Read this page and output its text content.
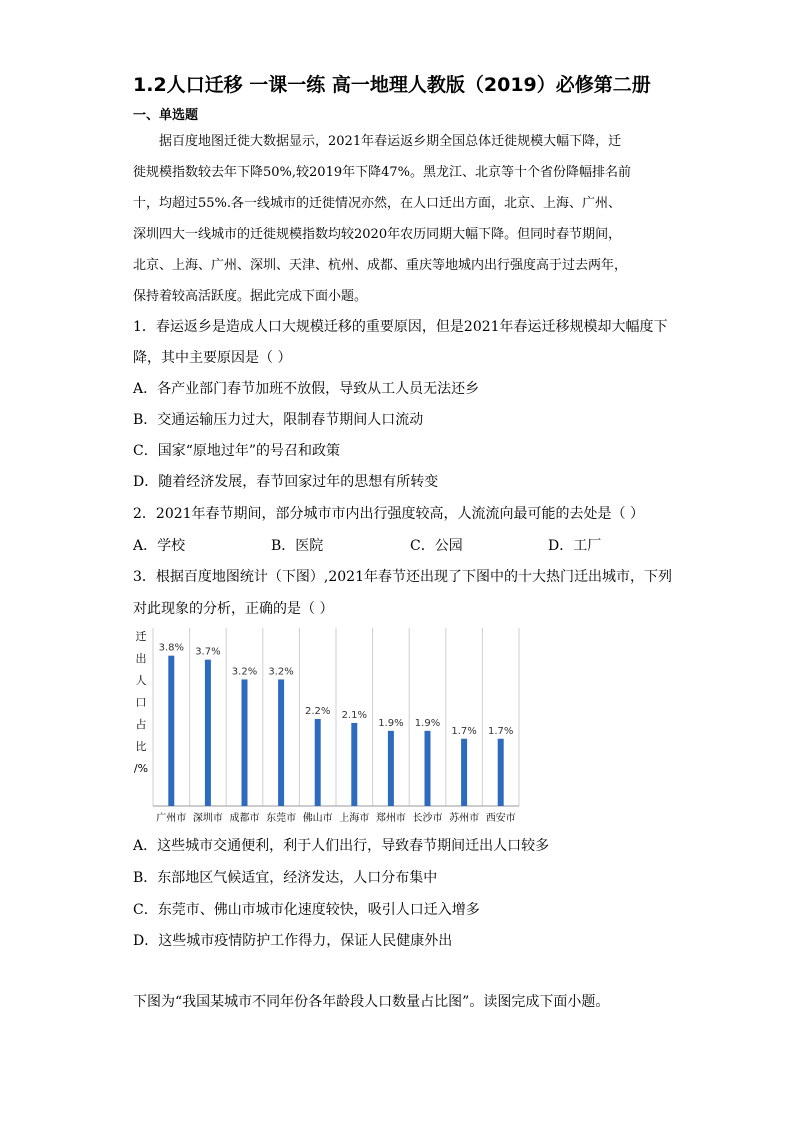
1.2人口迁移 一课一练 高一地理人教版（2019）必修第二册
一、单选题

据百度地图迁徙大数据显示，2021年春运返乡期全国总体迁徙规模大幅下降，迁

徙规模指数较去年下降50%,较2019年下降47%。黑龙江、北京等十个省份降幅排名前

十，均超过55%.各一线城市的迁徙情况亦然，在人口迁出方面，北京、上海、广州、

深圳四大一线城市的迁徙规模指数均较2020年农历同期大幅下降。但同时春节期间，

北京、上海、广州、深圳、天津、杭州、成都、重庆等地城内出行强度高于过去两年，

保持着较高活跃度。据此完成下面小题。

1．春运返乡是造成人口大规模迁移的重要原因，但是2021年春运迁移规模却大幅度下
降，其中主要原因是（ ）
A．各产业部门春节加班不放假，导致从工人员无法还乡
B．交通运输压力过大，限制春节期间人口流动
C．国家“原地过年”的号召和政策
D．随着经济发展，春节回家过年的思想有所转变
2．2021年春节期间，部分城市市内出行强度较高，人流流向最可能的去处是（ ）
A．学校	B．医院	C．公园	D．工厂
3．根据百度地图统计（下图）,2021年春节还出现了下图中的十大热门迁出城市，下列
对此现象的分析，正确的是（ ）
迁
出
人
口
占
比
/%
3.8% 3.7%
3.2% 3.2%
2.2% 2.1%
1.9% 1.9%
1.7% 1.7%
广州市 深圳市 成都市 东莞市 佛山市 上海市 郑州市 长沙市 苏州市 西安市
A．这些城市交通便利，利于人们出行，导致春节期间迁出人口较多
B．东部地区气候适宜，经济发达，人口分布集中
C．东莞市、佛山市城市化速度较快，吸引人口迁入增多
D．这些城市疫情防护工作得力，保证人民健康外出
下图为“我国某城市不同年份各年龄段人口数量占比图”。读图完成下面小题。
